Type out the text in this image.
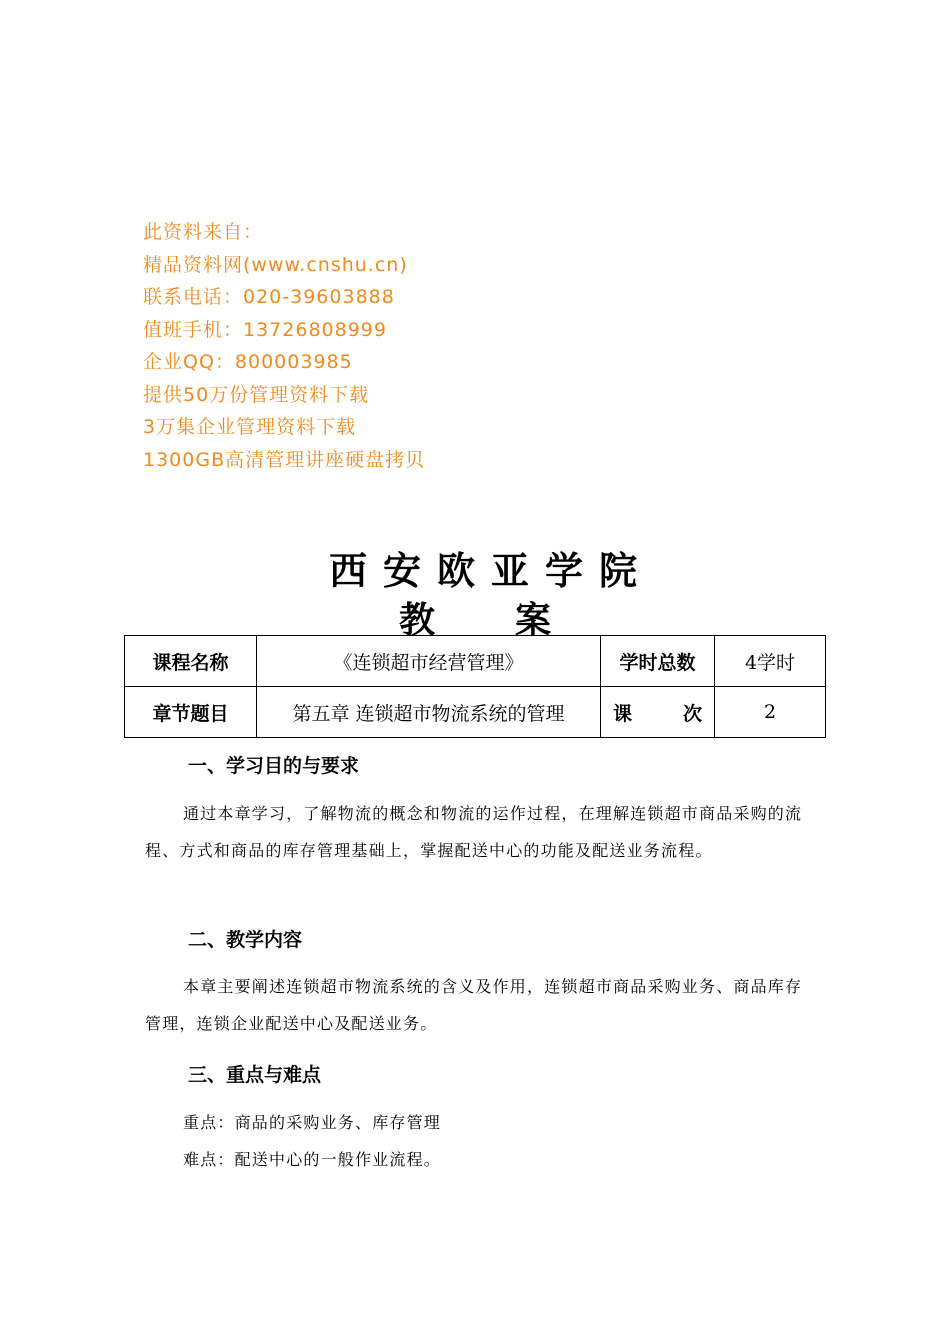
此资料来自：
精品资料网(www.cnshu.cn)
联系电话：020-39603888
值班手机：13726808999
企业QQ：800003985
提供50万份管理资料下载
3万集企业管理资料下载
1300GB高清管理讲座硬盘拷贝
西安欧亚学院
教 案
课程名称	《连锁超市经营管理》	学时总数	4学时
章节题目	第五章 连锁超市物流系统的管理	课 次	2
一、学习目的与要求
通过本章学习，了解物流的概念和物流的运作过程，在理解连锁超市商品采购的流程、方式和商品的库存管理基础上，掌握配送中心的功能及配送业务流程。
二、教学内容
本章主要阐述连锁超市物流系统的含义及作用，连锁超市商品采购业务、商品库存管理，连锁企业配送中心及配送业务。
三、重点与难点
重点：商品的采购业务、库存管理
难点：配送中心的一般作业流程。
